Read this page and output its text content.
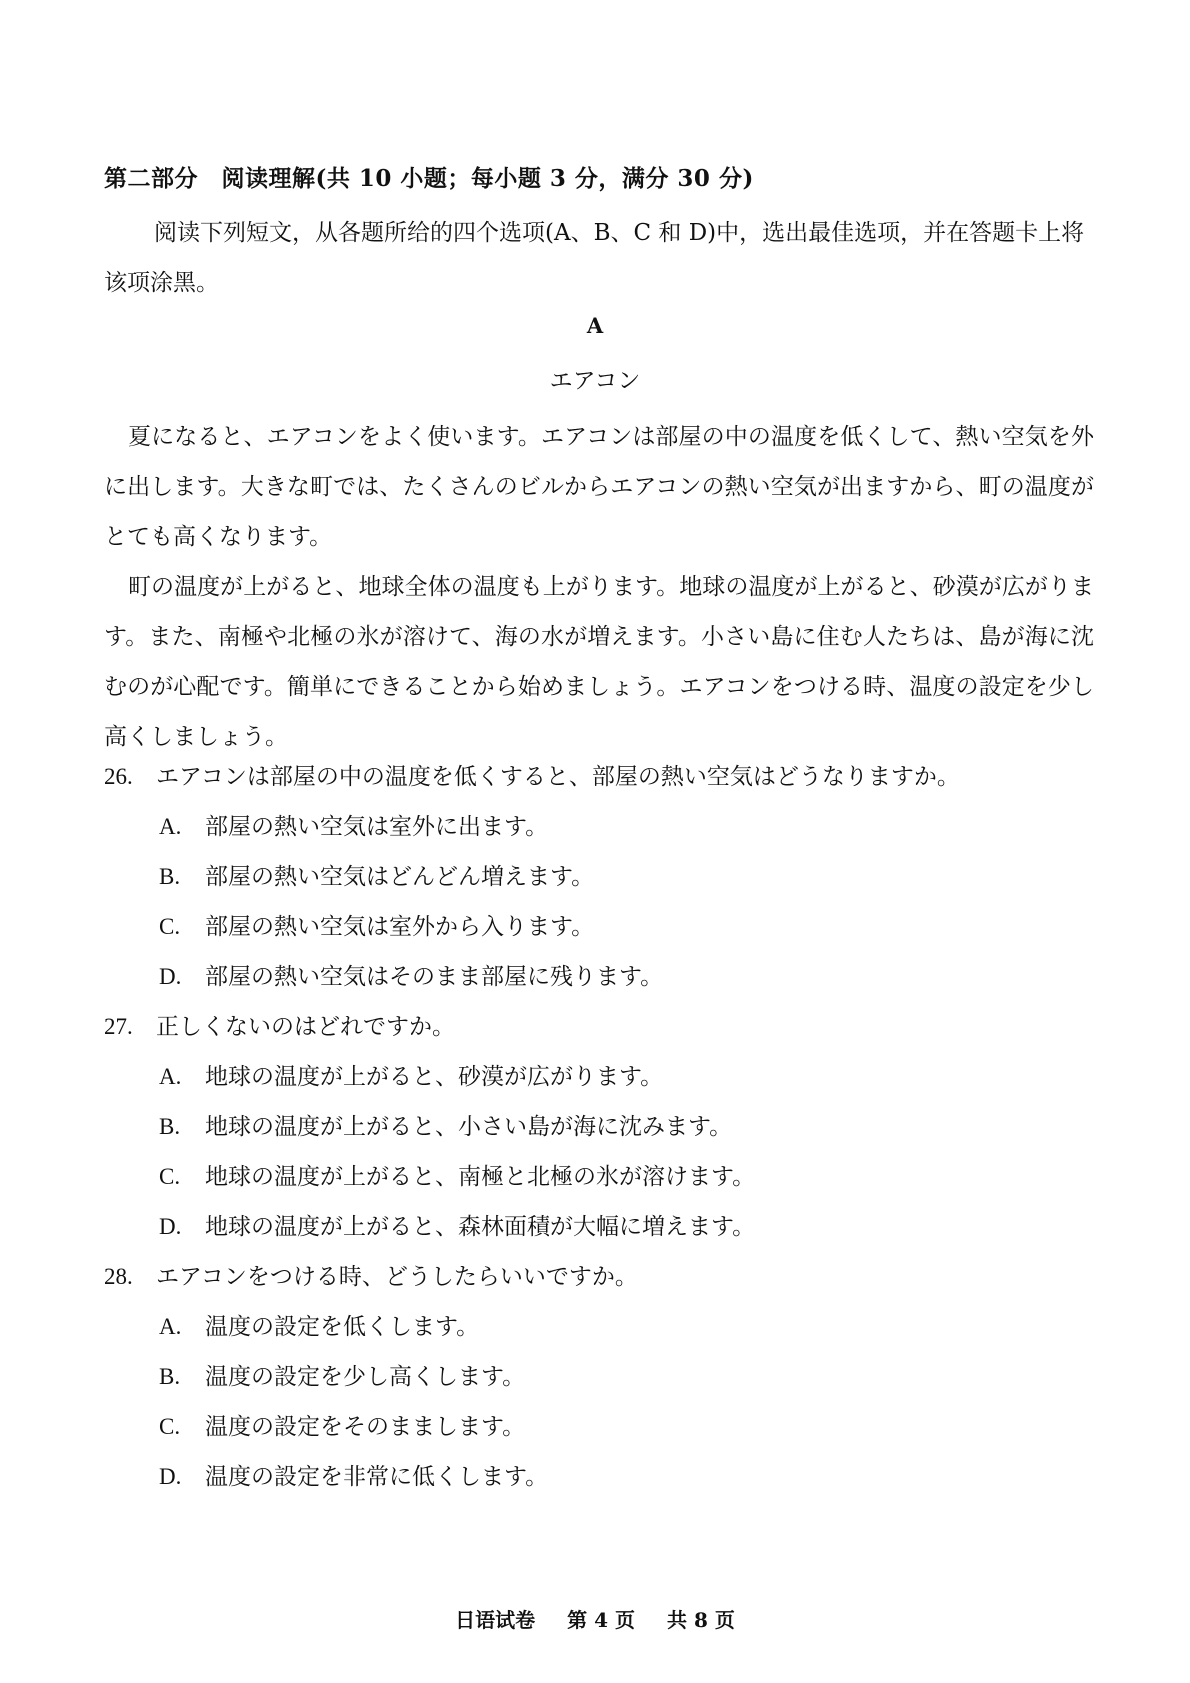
第二部分　阅读理解(共 10 小题；每小题 3 分，满分 30 分)
阅读下列短文，从各题所给的四个选项(A、B、C 和 D)中，选出最佳选项，并在答题卡上将该项涂黑。
A
エアコン

夏になると、エアコンをよく使います。エアコンは部屋の中の温度を低くして、熱い空気を外に出します。大きな町では、たくさんのビルからエアコンの熱い空気が出ますから、町の温度がとても高くなります。

町の温度が上がると、地球全体の温度も上がります。地球の温度が上がると、砂漠が広がります。また、南極や北極の氷が溶けて、海の水が増えます。小さい島に住む人たちは、島が海に沈むのが心配です。簡単にできることから始めましょう。エアコンをつける時、温度の設定を少し高くしましょう。

26. エアコンは部屋の中の温度を低くすると、部屋の熱い空気はどうなりますか。
A. 部屋の熱い空気は室外に出ます。
B. 部屋の熱い空気はどんどん増えます。
C. 部屋の熱い空気は室外から入ります。
D. 部屋の熱い空気はそのまま部屋に残ります。
27. 正しくないのはどれですか。
A. 地球の温度が上がると、砂漠が広がります。
B. 地球の温度が上がると、小さい島が海に沈みます。
C. 地球の温度が上がると、南極と北極の氷が溶けます。
D. 地球の温度が上がると、森林面積が大幅に増えます。
28. エアコンをつける時、どうしたらいいですか。
A. 温度の設定を低くします。
B. 温度の設定を少し高くします。
C. 温度の設定をそのままします。
D. 温度の設定を非常に低くします。
日语试卷 第 4 页 共 8 页
